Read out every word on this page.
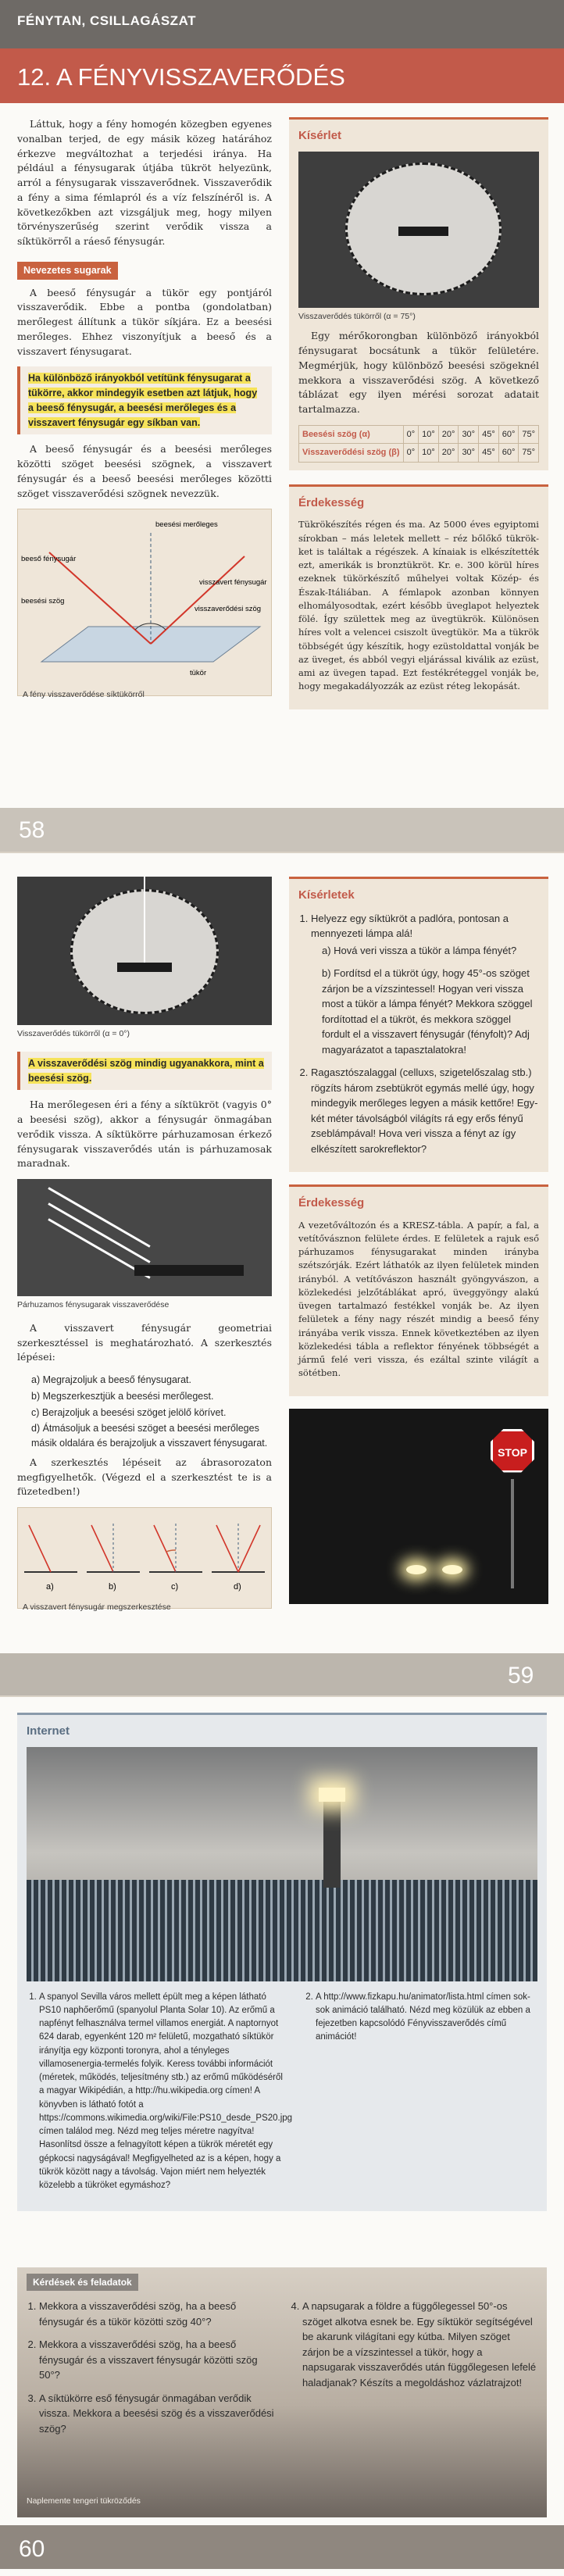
FÉNYTAN, CSILLAGÁSZAT
12. A FÉNYVISSZAVERŐDÉS

Láttuk, hogy a fény homogén közegben egyenes vonalban terjed, de egy másik közeg határához érkezve megváltozhat a terjedési iránya. Ha például a fénysugarak útjába tükröt helyezünk, arról a fénysugarak visszaverődnek. Visszaverődik a fény a sima fémlapról és a víz felszínéről is. A következőkben azt vizsgáljuk meg, hogy milyen törvényszerűség szerint verődik vissza a síktükörről a ráeső fénysugár.

Nevezetes sugarak

A beeső fénysugár a tükör egy pontjáról visszaverődik. Ebbe a pontba (gondolatban) merőlegest állítunk a tükör síkjára. Ez a beesési merőleges. Ehhez viszonyítjuk a beeső és a visszavert fénysugarat.

Ha különböző irányokból vetítünk fénysugarat a tükörre, akkor mindegyik esetben azt látjuk, hogy a beeső fénysugár, a beesési merőleges és a visszavert fénysugár egy síkban van.

A beeső fénysugár és a beesési merőleges közötti szöget beesési szögnek, a visszavert fénysugár és a beeső beesési merőleges közötti szöget visszaverődési szögnek nevezzük.

beeső fénysugár
beesési merőleges
visszavert fénysugár
beesési szög
visszaverődési szög
tükör
A fény visszaverődése síktükörről
Kísérlet
Visszaverődés tükörről (α = 75°)

Egy mérőkorongban különböző irányokból fénysugarat bocsátunk a tükör felületére. Megmérjük, hogy különböző beesési szögeknél mekkora a visszaverődési szög. A következő táblázat egy ilyen mérési sorozat adatait tartalmazza.

Beesési szög (α)	0°	10°	20°	30°	45°	60°	75°
Visszaverődési szög (β)	0°	10°	20°	30°	45°	60°	75°
Érdekesség

Tükrökészítés régen és ma. Az 5000 éves egyiptomi sírokban – más leletek mellett – réz bőlőkő tükrökket is találtak a régészek. A kínaiak is elkészítették ezt, amerikák is bronztükröt. Kr. e. 300 körül híres ezeknek tükörkészítő műhelyei voltak Közép- és Észak-Itáliában. A fémlapok azonban könnyen elhomályosodtak, ezért később üveglapot helyeztek fölé. Így születtek meg az üvegtükrök. Különösen híres volt a velencei csiszolt üvegtükör. Ma a tükrök többségét úgy készítik, hogy ezüstoldattal vonják be az üveget, és abból vegyi eljárással kiválik az ezüst, ami az üvegen tapad. Ezt festékréteggel vonják be, hogy megakadályozzák az ezüst réteg lekopását.

58
Visszaverődés tükörről (α = 0°)
A visszaverődési szög mindig ugyanakkora, mint a beesési szög.

Ha merőlegesen éri a fény a síktükröt (vagyis 0° a beesési szög), akkor a fénysugár önmagában verődik vissza. A síktükörre párhuzamosan érkező fénysugarak visszaverődés után is párhuzamosak maradnak.

Párhuzamos fénysugarak visszaverődése

A visszavert fénysugár geometriai szerkesztéssel is meghatározható. A szerkesztés lépései:

a) Megrajzoljuk a beeső fénysugarat.
b) Megszerkesztjük a beesési merőlegest.
c) Berajzoljuk a beesési szöget jelölő körívet.
d) Átmásoljuk a beesési szöget a beesési merőleges másik oldalára és berajzoljuk a visszavert fénysugarat.

A szerkesztés lépéseit az ábrasorozaton megfigyelhetők. (Végezd el a szerkesztést te is a füzetedben!)

a)	b)	c)	d)
A visszavert fénysugár megszerkesztése
Kísérletek
1. Helyezz egy síktükröt a padlóra, pontosan a mennyezeti lámpa alá!
a) Hová veri vissza a tükör a lámpa fényét?
b) Fordítsd el a tükröt úgy, hogy 45°-os szöget zárjon be a vízszintessel! Hogyan veri vissza most a tükör a lámpa fényét? Mekkora szöggel fordítottad el a tükröt, és mekkora szöggel fordult el a visszavert fénysugár (fényfolt)? Adj magyarázatot a tapasztalatokra!
2. Ragasztószalaggal (celluxs, szigetelőszalag stb.) rögzíts három zsebtükröt egymás mellé úgy, hogy mindegyik merőleges legyen a másik kettőre! Egy-két méter távolságból világíts rá egy erős fényű zseblámpával! Hova veri vissza a fényt az így elkészített sarokreflektor?
Érdekesség

A vezetőváltozón és a KRESZ-tábla. A papír, a fal, a vetítővásznon felülete érdes. E felületek a rajuk eső párhuzamos fénysugarakat minden irányba szétszórják. Ezért láthatók az ilyen felületek minden irányból. A vetítővászon használt gyöngyvászon, a közlekedési jelzőtáblákat apró, üveggyöngy alakú üvegen tartalmazó festékkel vonják be. Az ilyen felületek a fény nagy részét mindig a beeső fény irányába verik vissza. Ennek következtében az ilyen közlekedési tábla a reflektor fényének többségét a jármű felé veri vissza, és ezáltal szinte világít a sötétben.

STOP
59
Internet
1. A spanyol Sevilla város mellett épült meg a képen látható PS10 naphőerőmű (spanyolul Planta Solar 10). Az erőmű a napfényt felhasználva termel villamos energiát. A naptornyot 624 darab, egyenként 120 m² felületű, mozgatható síktükör irányítja egy központi toronyra, ahol a tényleges villamosenergia-termelés folyik. Keress további információt (méretek, működés, teljesítmény stb.) az erőmű működéséről a magyar Wikipédián, a http://hu.wikipedia.org címen! A könyvben is látható fotót a https://commons.wikimedia.org/wiki/File:PS10_desde_PS20.jpg címen találod meg. Nézd meg teljes méretre nagyítva! Hasonlítsd össze a felnagyított képen a tükrök méretét egy gépkocsi nagyságával! Megfigyelheted az is a képen, hogy a tükrök között nagy a távolság. Vajon miért nem helyezték közelebb a tükröket egymáshoz?
2. A http://www.fizkapu.hu/animator/lista.html címen sok-sok animáció található. Nézd meg közülük az ebben a fejezetben kapcsolódó Fényvisszaverődés című animációt!
Kérdések és feladatok
1. Mekkora a visszaverődési szög, ha a beeső fénysugár és a tükör közötti szög 40°?
2. Mekkora a visszaverődési szög, ha a beeső fénysugár és a visszavert fénysugár közötti szög 50°?
3. A síktükörre eső fénysugár önmagában verődik vissza. Mekkora a beesési szög és a visszaverődési szög?
4. A napsugarak a földre a függőlegessel 50°-os szöget alkotva esnek be. Egy síktükör segítségével be akarunk világítani egy kútba. Milyen szöget zárjon be a vízszintessel a tükör, hogy a napsugarak visszaverődés után függőlegesen lefelé haladjanak? Készíts a megoldáshoz vázlatrajzot!
Naplemente tengeri tükröződés
60
